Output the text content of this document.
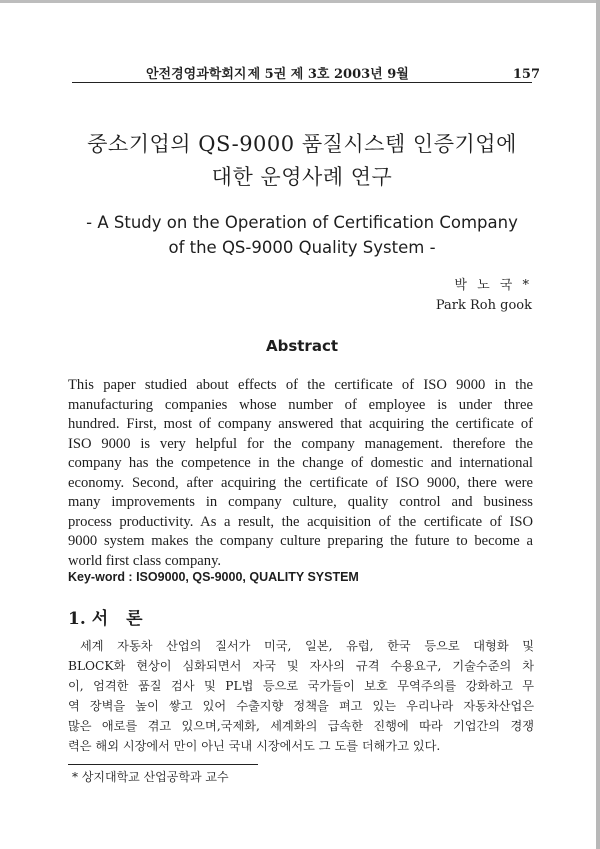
안전경영과학회지 제 5권 제 3호 2003년 9월	157
중소기업의 QS-9000 품질시스템 인증기업에
대한 운영사례 연구
- A Study on the Operation of Certification Company
of the QS-9000 Quality System -
박 노 국 *
Park Roh gook
Abstract
This paper studied about effects of the certificate of ISO 9000 in the
manufacturing companies whose number of employee is under three
hundred. First, most of company answered that acquiring the certificate of
ISO 9000 is very helpful for the company management. therefore the
company has the competence in the change of domestic and international
economy. Second, after acquiring the certificate of ISO 9000, there were
many improvements in company culture, quality control and business
process productivity. As a result, the acquisition of the certificate of ISO
9000 system makes the company culture preparing the future to become a
world first class company.
Key-word : ISO9000, QS-9000, QUALITY SYSTEM
1. 서 론
세계 자동차 산업의 질서가 미국, 일본, 유럽, 한국 등으로 대형화 및
BLOCK화 현상이 심화되면서 자국 및 자사의 규격 수용요구, 기술수준의 차
이, 엄격한 품질 검사 및 PL법 등으로 국가들이 보호 무역주의를 강화하고 무
역 장벽을 높이 쌓고 있어 수출지향 정책을 펴고 있는 우리나라 자동차산업은
많은 애로를 겪고 있으며,국제화, 세계화의 급속한 진행에 따라 기업간의 경쟁
력은 해외 시장에서 만이 아닌 국내 시장에서도 그 도를 더해가고 있다.
* 상지대학교 산업공학과 교수
